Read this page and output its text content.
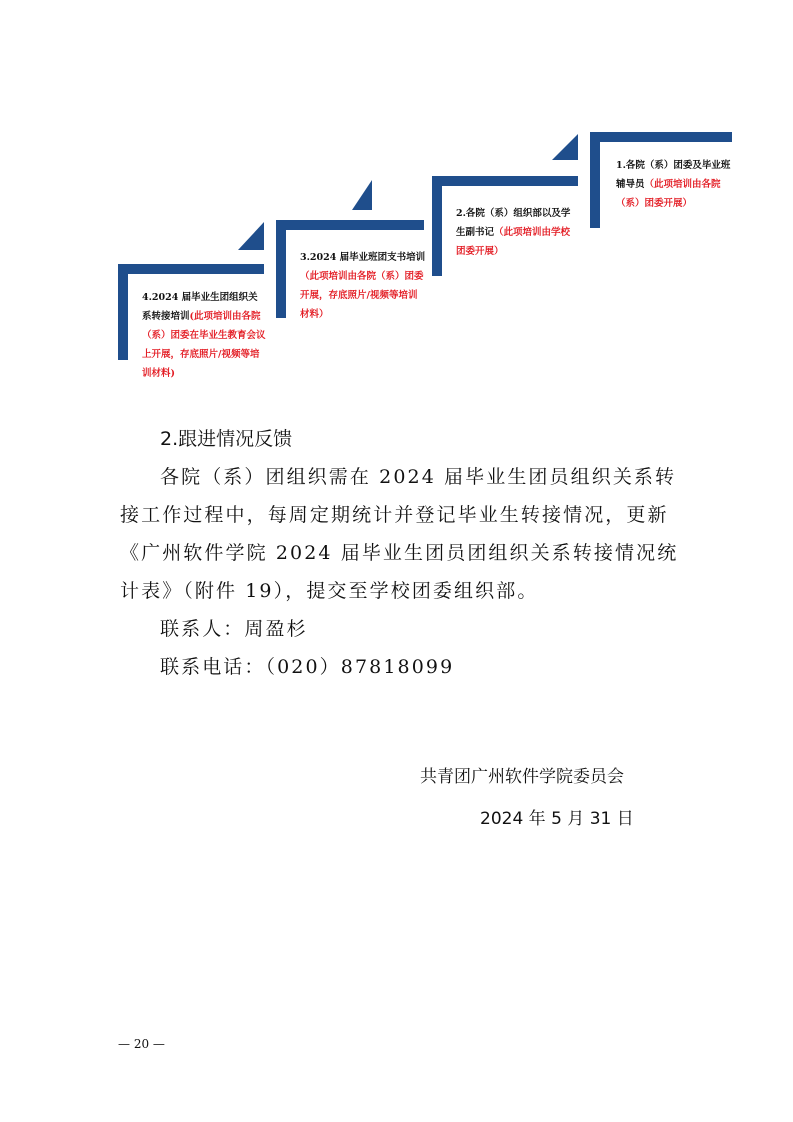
1.各院（系）团委及毕业班辅导员（此项培训由各院（系）团委开展）
2.各院（系）组织部以及学生副书记（此项培训由学校团委开展）
3.2024 届毕业班团支书培训（此项培训由各院（系）团委开展，存底照片/视频等培训材料）
4.2024 届毕业生团组织关系转接培训(此项培训由各院（系）团委在毕业生教育会议上开展，存底照片/视频等培训材料)
2.跟进情况反馈

各院（系）团组织需在 2024 届毕业生团员组织关系转接工作过程中，每周定期统计并登记毕业生转接情况，更新《广州软件学院 2024 届毕业生团员团组织关系转接情况统计表》（附件 19），提交至学校团委组织部。

联系人：周盈杉

联系电话：（020）87818099

共青团广州软件学院委员会
2024 年 5 月 31 日
— 20 —
